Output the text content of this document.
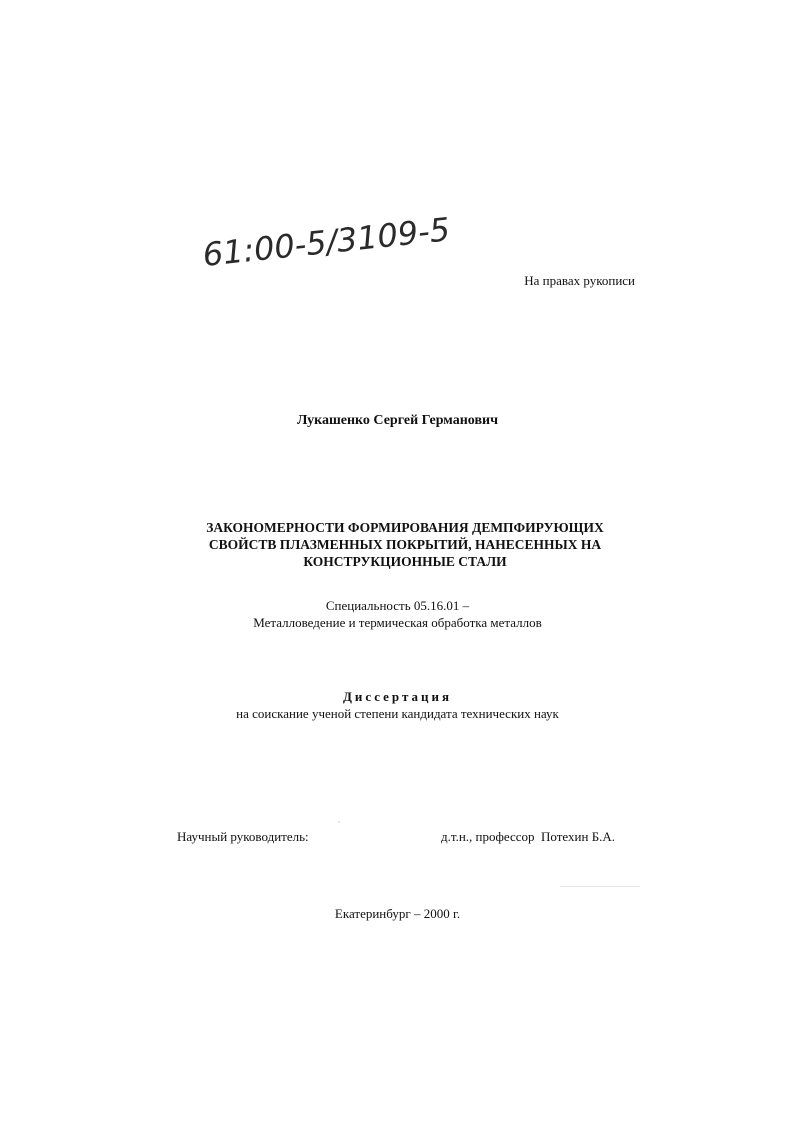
61:00-5/3109-5
На правах рукописи
Лукашенко Сергей Германович
ЗАКОНОМЕРНОСТИ ФОРМИРОВАНИЯ ДЕМПФИРУЮЩИХ
СВОЙСТВ ПЛАЗМЕННЫХ ПОКРЫТИЙ, НАНЕСЕННЫХ НА
КОНСТРУКЦИОННЫЕ СТАЛИ
Специальность 05.16.01 –
Металловедение и термическая обработка металлов
Диссертация
на соискание ученой степени кандидата технических наук
Научный руководитель:	д.т.н., профессор  Потехин Б.А.
Екатеринбург – 2000 г.
